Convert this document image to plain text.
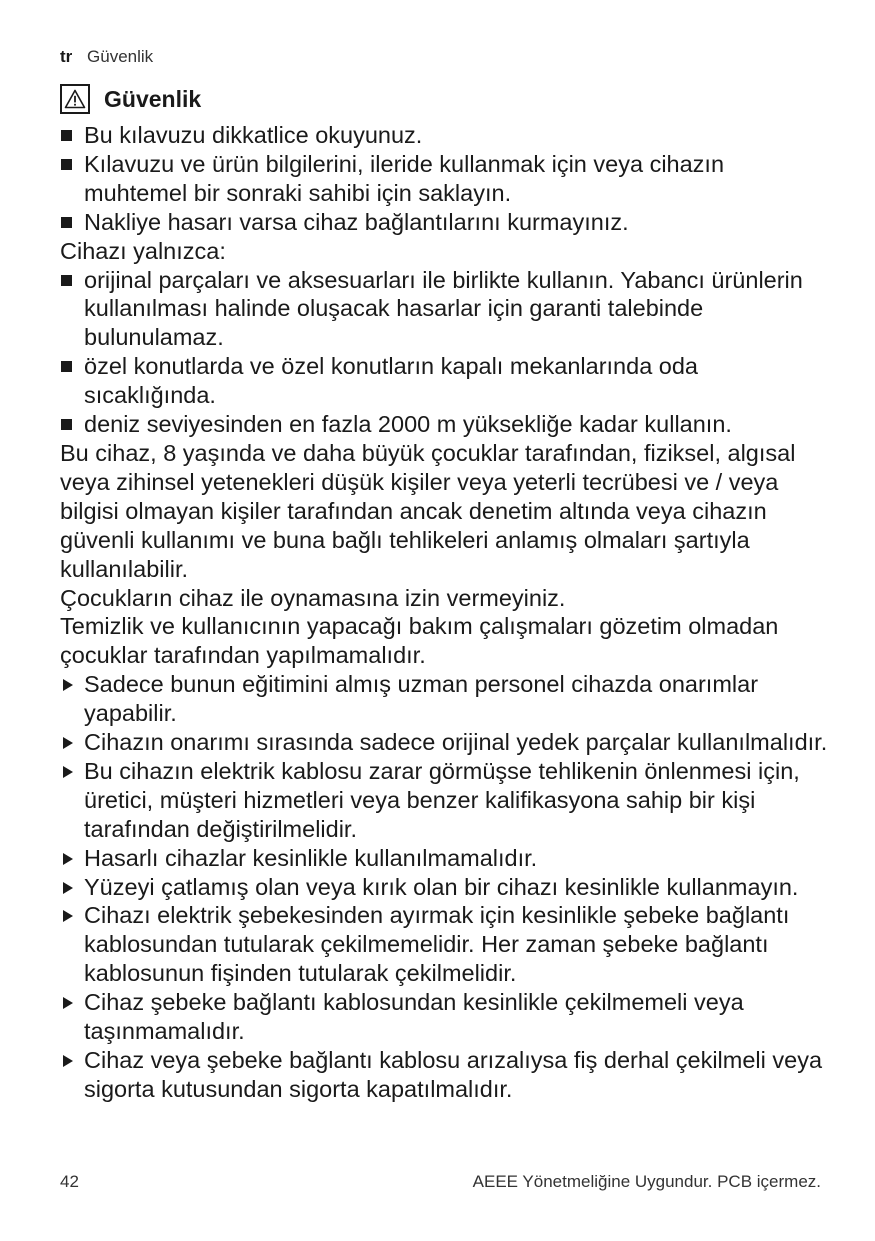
tr Güvenlik
Güvenlik
Bu kılavuzu dikkatlice okuyunuz.
Kılavuzu ve ürün bilgilerini, ileride kullanmak için veya cihazın muhtemel bir sonraki sahibi için saklayın.
Nakliye hasarı varsa cihaz bağlantılarını kurmayınız.
Cihazı yalnızca:
orijinal parçaları ve aksesuarları ile birlikte kullanın. Yabancı ürünlerin kullanılması halinde oluşacak hasarlar için garanti talebinde bulunulamaz.
özel konutlarda ve özel konutların kapalı mekanlarında oda sıcaklığında.
deniz seviyesinden en fazla 2000 m yüksekliğe kadar kullanın.
Bu cihaz, 8 yaşında ve daha büyük çocuklar tarafından, fiziksel, algısal veya zihinsel yetenekleri düşük kişiler veya yeterli tecrübesi ve / veya bilgisi olmayan kişiler tarafından ancak denetim altında veya cihazın güvenli kullanımı ve buna bağlı tehlikeleri anlamış olmaları şartıyla kullanılabilir.
Çocukların cihaz ile oynamasına izin vermeyiniz.
Temizlik ve kullanıcının yapacağı bakım çalışmaları gözetim olmadan çocuklar tarafından yapılmamalıdır.
Sadece bunun eğitimini almış uzman personel cihazda onarımlar yapabilir.
Cihazın onarımı sırasında sadece orijinal yedek parçalar kullanılmalıdır.
Bu cihazın elektrik kablosu zarar görmüşse tehlikenin önlenmesi için, üretici, müşteri hizmetleri veya benzer kalifikasyona sahip bir kişi tarafından değiştirilmelidir.
Hasarlı cihazlar kesinlikle kullanılmamalıdır.
Yüzeyi çatlamış olan veya kırık olan bir cihazı kesinlikle kullanmayın.
Cihazı elektrik şebekesinden ayırmak için kesinlikle şebeke bağlantı kablosundan tutularak çekilmemelidir. Her zaman şebeke bağlantı kablosunun fişinden tutularak çekilmelidir.
Cihaz şebeke bağlantı kablosundan kesinlikle çekilmemeli veya taşınmamalıdır.
Cihaz veya şebeke bağlantı kablosu arızalıysa fiş derhal çekilmeli veya sigorta kutusundan sigorta kapatılmalıdır.
42	AEEE Yönetmeliğine Uygundur. PCB içermez.
